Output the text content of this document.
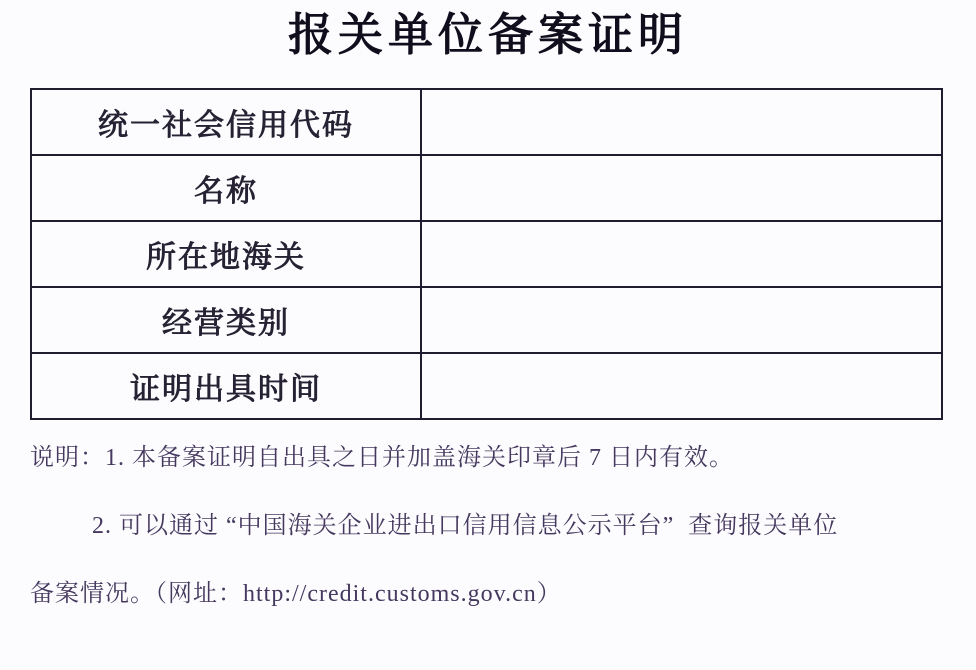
报关单位备案证明
统一社会信用代码	
名称	
所在地海关	
经营类别	
证明出具时间	

说明：1. 本备案证明自出具之日并加盖海关印章后 7 日内有效。

2. 可以通过 “中国海关企业进出口信用信息公示平台”  查询报关单位

备案情况。（网址：http://credit.customs.gov.cn）
